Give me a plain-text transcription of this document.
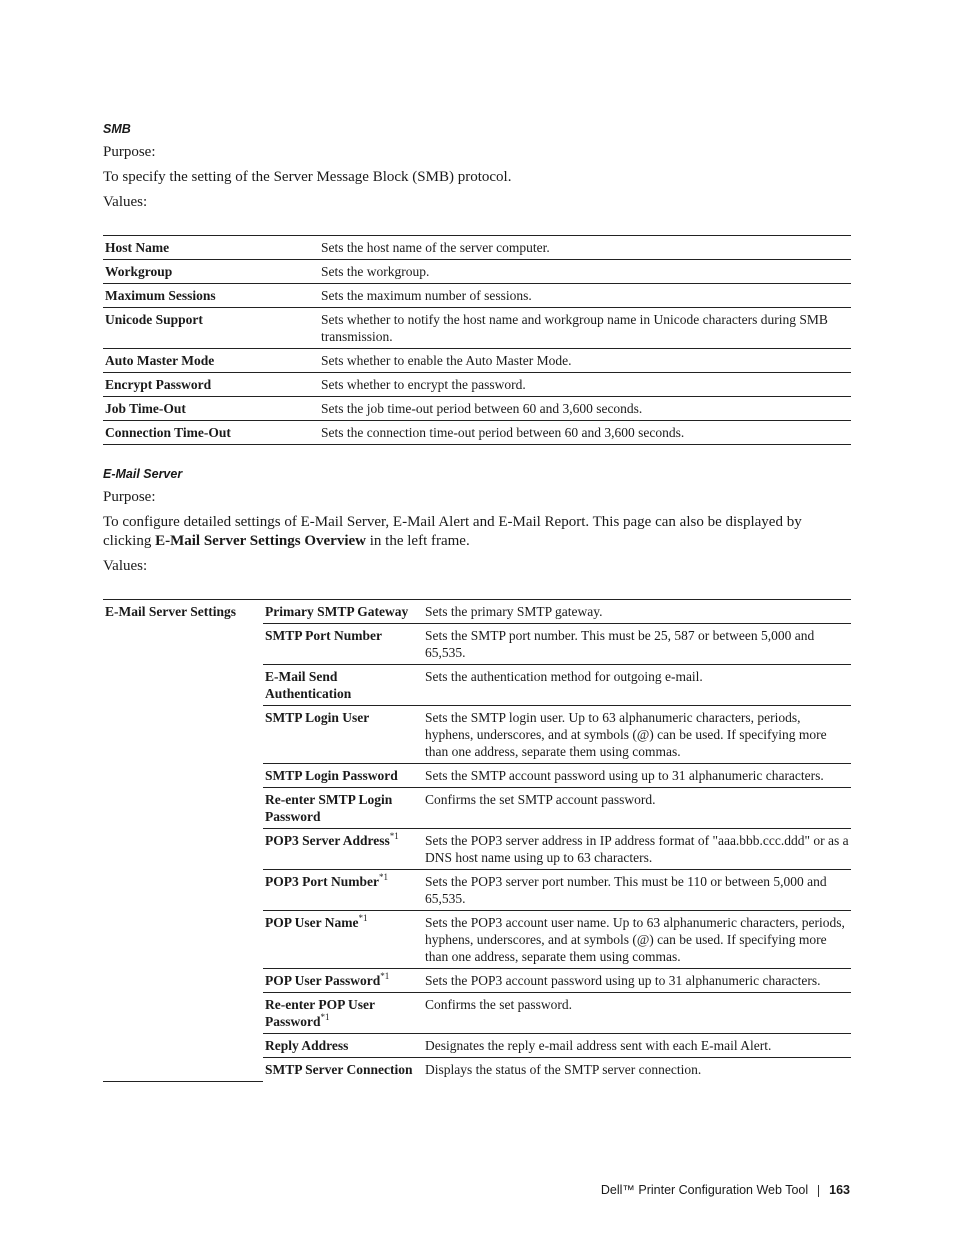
SMB
Purpose:
To specify the setting of the Server Message Block (SMB) protocol.
Values:
Host Name	Sets the host name of the server computer.
Workgroup	Sets the workgroup.
Maximum Sessions	Sets the maximum number of sessions.
Unicode Support	Sets whether to notify the host name and workgroup name in Unicode characters during SMB transmission.
Auto Master Mode	Sets whether to enable the Auto Master Mode.
Encrypt Password	Sets whether to encrypt the password.
Job Time-Out	Sets the job time-out period between 60 and 3,600 seconds.
Connection Time-Out	Sets the connection time-out period between 60 and 3,600 seconds.
E-Mail Server
Purpose:
To configure detailed settings of E-Mail Server, E-Mail Alert and E-Mail Report. This page can also be displayed by clicking E-Mail Server Settings Overview in the left frame.
Values:
E-Mail Server Settings	Primary SMTP Gateway	Sets the primary SMTP gateway.
	SMTP Port Number	Sets the SMTP port number. This must be 25, 587 or between 5,000 and 65,535.
	E-Mail Send Authentication	Sets the authentication method for outgoing e-mail.
	SMTP Login User	Sets the SMTP login user. Up to 63 alphanumeric characters, periods, hyphens, underscores, and at symbols (@) can be used. If specifying more than one address, separate them using commas.
	SMTP Login Password	Sets the SMTP account password using up to 31 alphanumeric characters.
	Re-enter SMTP Login Password	Confirms the set SMTP account password.
	POP3 Server Address$^{*1}$	Sets the POP3 server address in IP address format of "aaa.bbb.ccc.ddd" or as a DNS host name using up to 63 characters.
	POP3 Port Number$^{*1}$	Sets the POP3 server port number. This must be 110 or between 5,000 and 65,535.
	POP User Name$^{*1}$	Sets the POP3 account user name. Up to 63 alphanumeric characters, periods, hyphens, underscores, and at symbols (@) can be used. If specifying more than one address, separate them using commas.
	POP User Password$^{*1}$	Sets the POP3 account password using up to 31 alphanumeric characters.
	Re-enter POP User Password$^{*1}$	Confirms the set password.
	Reply Address	Designates the reply e-mail address sent with each E-mail Alert.
	SMTP Server Connection	Displays the status of the SMTP server connection.
Dell™ Printer Configuration Web Tool 163
